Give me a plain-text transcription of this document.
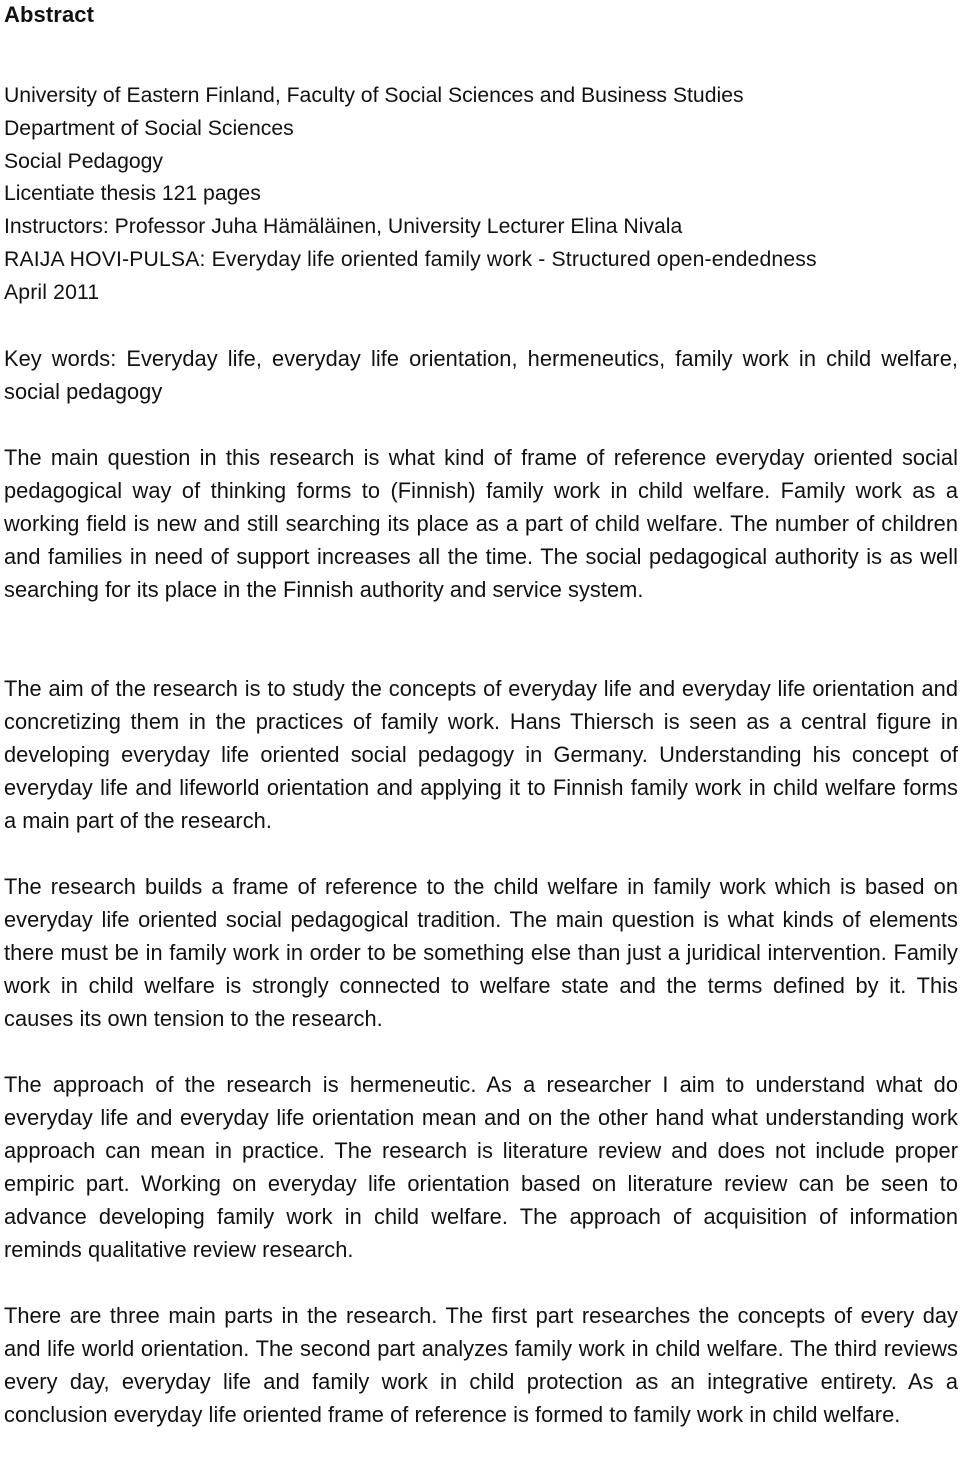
Abstract
University of Eastern Finland, Faculty of Social Sciences and Business Studies
Department of Social Sciences
Social Pedagogy
Licentiate thesis 121 pages
Instructors: Professor Juha Hämäläinen, University Lecturer Elina Nivala
RAIJA HOVI-PULSA: Everyday life oriented family work - Structured open-endedness
April 2011

Key words: Everyday life, everyday life orientation, hermeneutics, family work in child welfare, social pedagogy

The main question in this research is what kind of frame of reference everyday oriented social pedagogical way of thinking forms to (Finnish) family work in child welfare. Family work as a working field is new and still searching its place as a part of child welfare. The number of children and families in need of support increases all the time. The social pedagogical authority is as well searching for its place in the Finnish authority and service system.

The aim of the research is to study the concepts of everyday life and everyday life orientation and concretizing them in the practices of family work. Hans Thiersch is seen as a central figure in developing everyday life oriented social pedagogy in Germany. Understanding his concept of everyday life and lifeworld orientation and applying it to Finnish family work in child welfare forms a main part of the research.

The research builds a frame of reference to the child welfare in family work which is based on everyday life oriented social pedagogical tradition. The main question is what kinds of elements there must be in family work in order to be something else than just a juridical intervention. Family work in child welfare is strongly connected to welfare state and the terms defined by it. This causes its own tension to the research.

The approach of the research is hermeneutic. As a researcher I aim to understand what do everyday life and everyday life orientation mean and on the other hand what understanding work approach can mean in practice. The research is literature review and does not include proper empiric part. Working on everyday life orientation based on literature review can be seen to advance developing family work in child welfare. The approach of acquisition of information reminds qualitative review research.

There are three main parts in the research. The first part researches the concepts of every day and life world orientation. The second part analyzes family work in child welfare. The third reviews every day, everyday life and family work in child protection as an integrative entirety. As a conclusion everyday life oriented frame of reference is formed to family work in child welfare.
